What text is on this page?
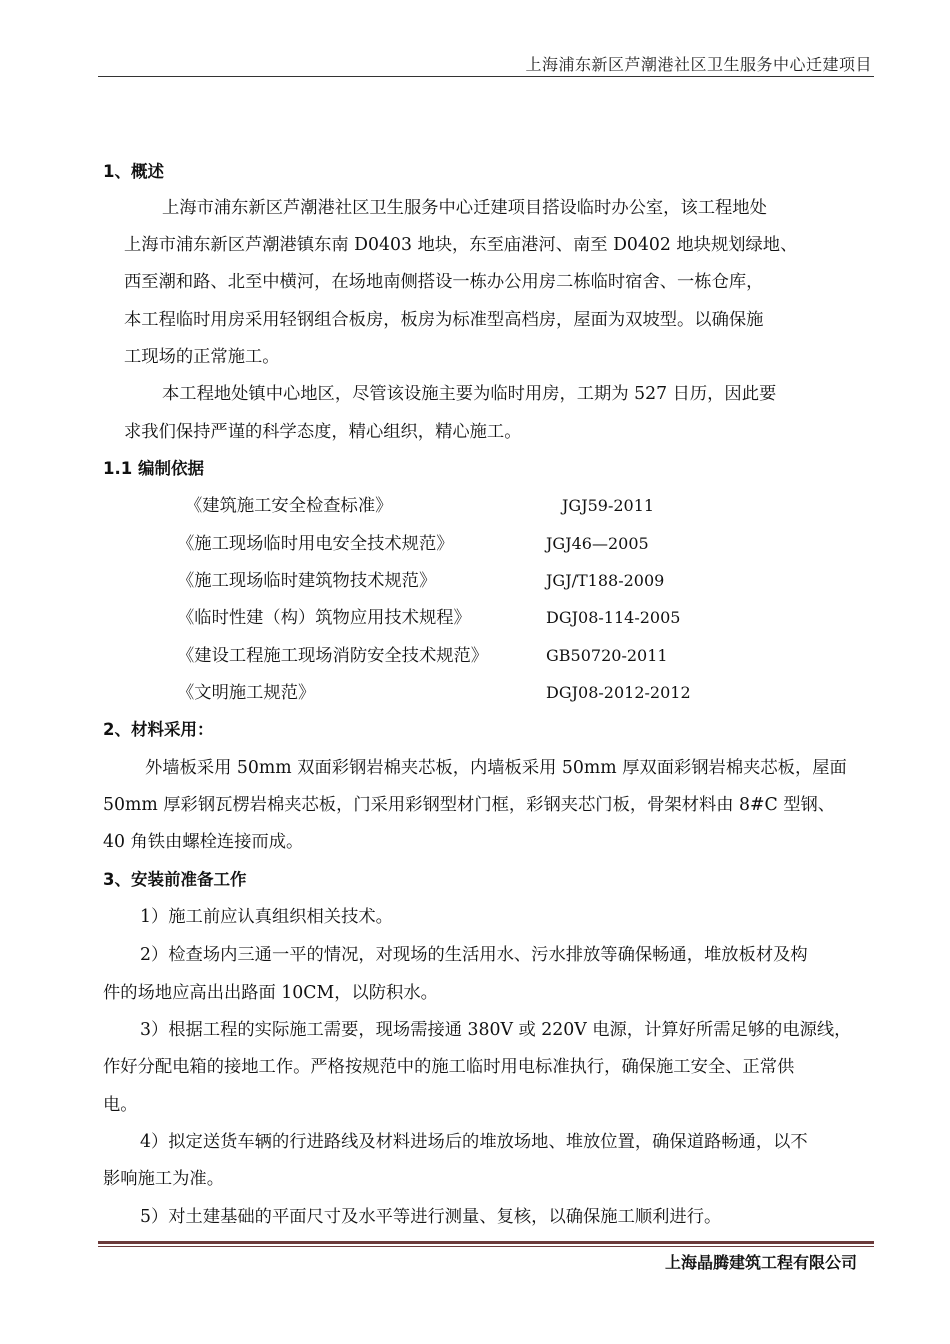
上海浦东新区芦潮港社区卫生服务中心迁建项目
1、概述
上海市浦东新区芦潮港社区卫生服务中心迁建项目搭设临时办公室，该工程地处
上海市浦东新区芦潮港镇东南 D0403 地块，东至庙港河、南至 D0402 地块规划绿地、
西至潮和路、北至中横河，在场地南侧搭设一栋办公用房二栋临时宿舍、一栋仓库，
本工程临时用房采用轻钢组合板房，板房为标准型高档房，屋面为双坡型。以确保施
工现场的正常施工。
本工程地处镇中心地区，尽管该设施主要为临时用房，工期为 527 日历，因此要
求我们保持严谨的科学态度，精心组织，精心施工。
1.1 编制依据
《建筑施工安全检查标准》	JGJ59-2011
《施工现场临时用电安全技术规范》	JGJ46—2005
《施工现场临时建筑物技术规范》	JGJ/T188-2009
《临时性建（构）筑物应用技术规程》	DGJ08-114-2005
《建设工程施工现场消防安全技术规范》	GB50720-2011
《文明施工规范》	DGJ08-2012-2012
2、材料采用：
外墙板采用 50mm 双面彩钢岩棉夹芯板，内墙板采用 50mm 厚双面彩钢岩棉夹芯板，屋面
50mm 厚彩钢瓦楞岩棉夹芯板，门采用彩钢型材门框，彩钢夹芯门板，骨架材料由 8#C 型钢、
40 角铁由螺栓连接而成。
3、安装前准备工作
1）施工前应认真组织相关技术。
2）检查场内三通一平的情况，对现场的生活用水、污水排放等确保畅通，堆放板材及构
件的场地应高出出路面 10CM，以防积水。
3）根据工程的实际施工需要，现场需接通 380V 或 220V 电源，计算好所需足够的电源线，
作好分配电箱的接地工作。严格按规范中的施工临时用电标准执行，确保施工安全、正常供
电。
4）拟定送货车辆的行进路线及材料进场后的堆放场地、堆放位置，确保道路畅通，以不
影响施工为准。
5）对土建基础的平面尺寸及水平等进行测量、复核，以确保施工顺利进行。
上海晶腾建筑工程有限公司
